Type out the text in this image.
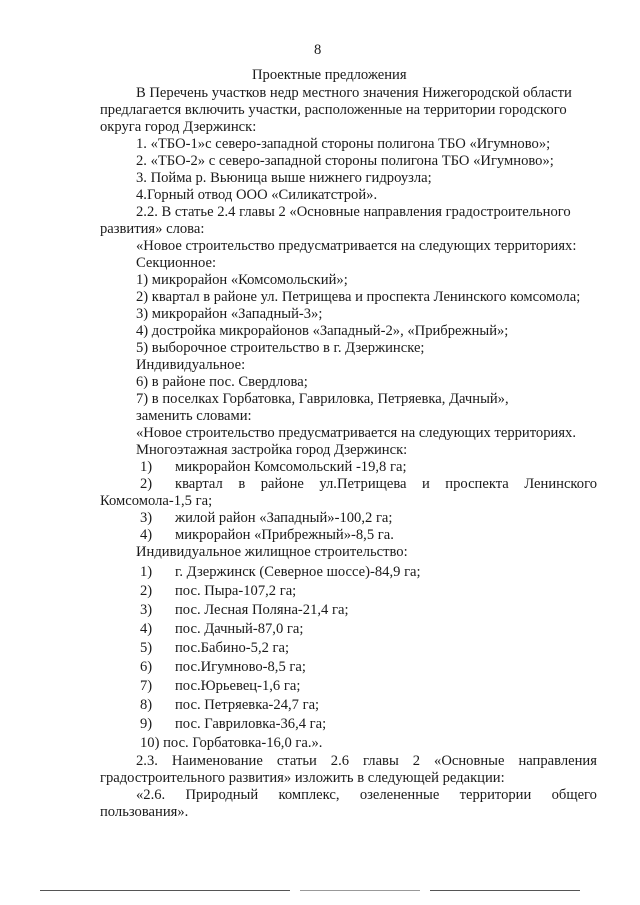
8
Проектные предложения
В Перечень участков недр местного значения Нижегородской области
предлагается включить участки, расположенные на территории городского
округа город Дзержинск:
1. «ТБО-1»с северо-западной стороны полигона ТБО «Игумново»;
2. «ТБО-2» с северо-западной стороны полигона ТБО «Игумново»;
3. Пойма р. Вьюница выше нижнего гидроузла;
4.Горный отвод ООО «Силикатстрой».
2.2. В статье 2.4 главы 2 «Основные направления градостроительного
развития» слова:
«Новое строительство предусматривается на следующих территориях:
Секционное:
1) микрорайон «Комсомольский»;
2) квартал в районе ул. Петрищева и проспекта Ленинского комсомола;
3) микрорайон «Западный-3»;
4) достройка микрорайонов «Западный-2», «Прибрежный»;
5) выборочное строительство в г. Дзержинске;
Индивидуальное:
6) в районе пос. Свердлова;
7) в поселках Горбатовка, Гавриловка, Петряевка, Дачный»,
заменить словами:
«Новое строительство предусматривается на следующих территориях.
Многоэтажная застройка город Дзержинск:
1) микрорайон Комсомольский -19,8 га;
2) квартал в районе ул.Петрищева и проспекта Ленинского
Комсомола-1,5 га;
3) жилой район «Западный»-100,2 га;
4) микрорайон «Прибрежный»-8,5 га.
Индивидуальное жилищное строительство:
1) г. Дзержинск (Северное шоссе)-84,9 га;
2) пос. Пыра-107,2 га;
3) пос. Лесная Поляна-21,4 га;
4) пос. Дачный-87,0 га;
5) пос.Бабино-5,2 га;
6) пос.Игумново-8,5 га;
7) пос.Юрьевец-1,6 га;
8) пос. Петряевка-24,7 га;
9) пос. Гавриловка-36,4 га;
10) пос. Горбатовка-16,0 га.».
2.3. Наименование статьи 2.6 главы 2 «Основные направления
градостроительного развития» изложить в следующей редакции:
«2.6. Природный комплекс, озелененные территории общего
пользования».
